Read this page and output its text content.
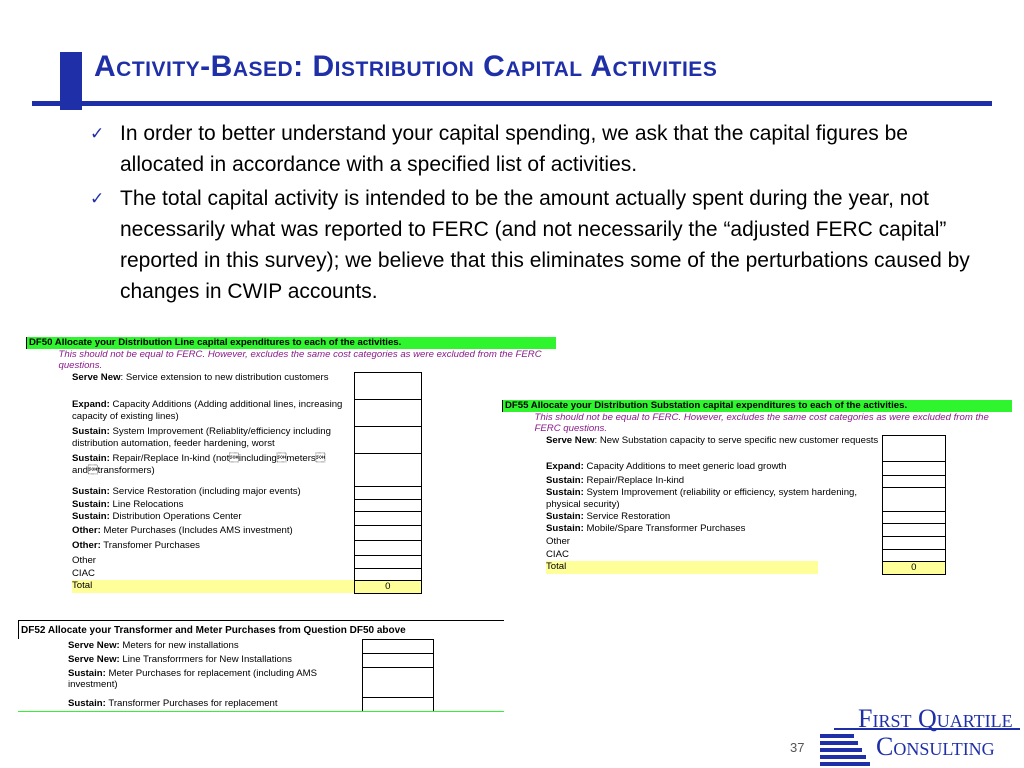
Activity-Based: Distribution Capital Activities
✓ In order to better understand your capital spending, we ask that the capital figures be allocated in accordance with a specified list of activities.
✓ The total capital activity is intended to be the amount actually spent during the year, not necessarily what was reported to FERC (and not necessarily the “adjusted FERC capital” reported in this survey); we believe that this eliminates some of the perturbations caused by changes in CWIP accounts.
DF50 Allocate your Distribution Line capital expenditures to each of the activities.
	This should not be equal to FERC. However, excludes the same cost categories as were excluded from the FERC questions.
Serve New: Service extension to new distribution customers	
Expand: Capacity Additions (Adding additional lines, increasing capacity of existing lines)	
Sustain: System Improvement (Reliablity/efficiency including distribution automation, feeder hardening, worst	
Sustain: Repair/Replace In-kind (notincludingmeters andtransformers)	
Sustain: Service Restoration (including major events)	
Sustain: Line Relocations	
Sustain: Distribution Operations Center	
Other: Meter Purchases (Includes AMS investment)	
Other: Transfomer Purchases	
Other	
CIAC	
Total	0
DF55 Allocate your Distribution Substation capital expenditures to each of the activities.
	This should not be equal to FERC. However, excludes the same cost categories as were excluded from the FERC questions.
Serve New: New Substation capacity to serve specific new customer requests	
Expand: Capacity Additions to meet generic load growth	
Sustain: Repair/Replace In-kind	
Sustain: System Improvement (reliability or efficiency, system hardening, physical security)	
Sustain: Service Restoration	
Sustain: Mobile/Spare Transformer Purchases	
Other	
CIAC	
Total	0
DF52 Allocate your Transformer and Meter Purchases from Question DF50 above
Serve New: Meters for new installations	
Serve New: Line Transforrmers for New Installations	
Sustain: Meter Purchases for replacement (including AMS investment)	
Sustain: Transformer Purchases for replacement	
37
First Quartile
Consulting
